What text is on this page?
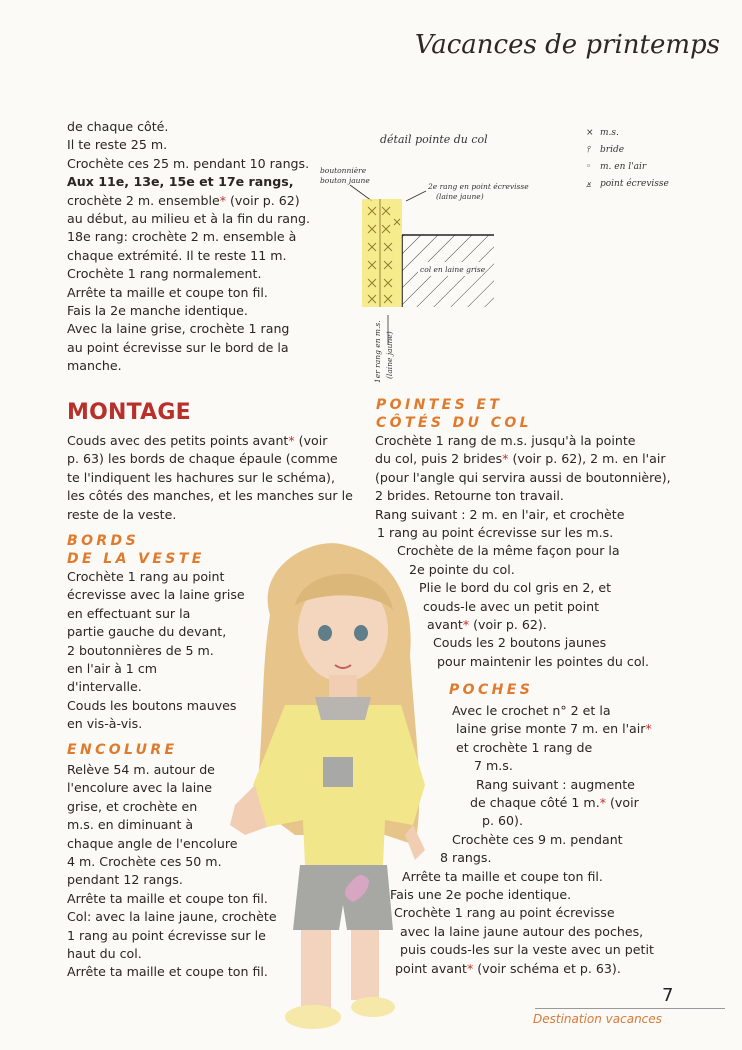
Vacances de printemps
de chaque côté.
Il te reste 25 m.
Crochète ces 25 m. pendant 10 rangs.
Aux 11e, 13e, 15e et 17e rangs,
crochète 2 m. ensemble* (voir p. 62)
au début, au milieu et à la fin du rang.
18e rang: crochète 2 m. ensemble à
chaque extrémité. Il te reste 11 m.
Crochète 1 rang normalement.
Arrête ta maille et coupe ton fil.
Fais la 2e manche identique.
Avec la laine grise, crochète 1 rang
au point écrevisse sur le bord de la
manche.
détail pointe du col
boutonnière
bouton jaune
2e rang en point écrevisse
(laine jaune)
col en laine grise
1er rang en m.s. (laine jaune)
× m.s.
⫯ bride
◦ m. en l'air
⨱ point écrevisse
MONTAGE
Couds avec des petits points avant* (voir
p. 63) les bords de chaque épaule (comme
te l'indiquent les hachures sur le schéma),
les côtés des manches, et les manches sur le
reste de la veste.
BORDS
DE LA VESTE
Crochète 1 rang au point
écrevisse avec la laine grise
en effectuant sur la
partie gauche du devant,
2 boutonnières de 5 m.
en l'air à 1 cm
d'intervalle.
Couds les boutons mauves
en vis-à-vis.
ENCOLURE
Relève 54 m. autour de
l'encolure avec la laine
grise, et crochète en
m.s. en diminuant à
chaque angle de l'encolure
4 m. Crochète ces 50 m.
pendant 12 rangs.
Arrête ta maille et coupe ton fil.
Col: avec la laine jaune, crochète
1 rang au point écrevisse sur le
haut du col.
Arrête ta maille et coupe ton fil.
POINTES ET
CÔTÉS DU COL
Crochète 1 rang de m.s. jusqu'à la pointe
du col, puis 2 brides* (voir p. 62), 2 m. en l'air
(pour l'angle qui servira aussi de boutonnière),
2 brides. Retourne ton travail.
Rang suivant : 2 m. en l'air, et crochète
1 rang au point écrevisse sur les m.s.
Crochète de la même façon pour la
2e pointe du col.
Plie le bord du col gris en 2, et
couds-le avec un petit point
avant* (voir p. 62).
Couds les 2 boutons jaunes
pour maintenir les pointes du col.
POCHES
Avec le crochet n° 2 et la
laine grise monte 7 m. en l'air*
et crochète 1 rang de
7 m.s.
Rang suivant : augmente
de chaque côté 1 m.* (voir
p. 60).
Crochète ces 9 m. pendant
8 rangs.
Arrête ta maille et coupe ton fil.
Fais une 2e poche identique.
Crochète 1 rang au point écrevisse
avec la laine jaune autour des poches,
puis couds-les sur la veste avec un petit
point avant* (voir schéma et p. 63).
7
Destination vacances
